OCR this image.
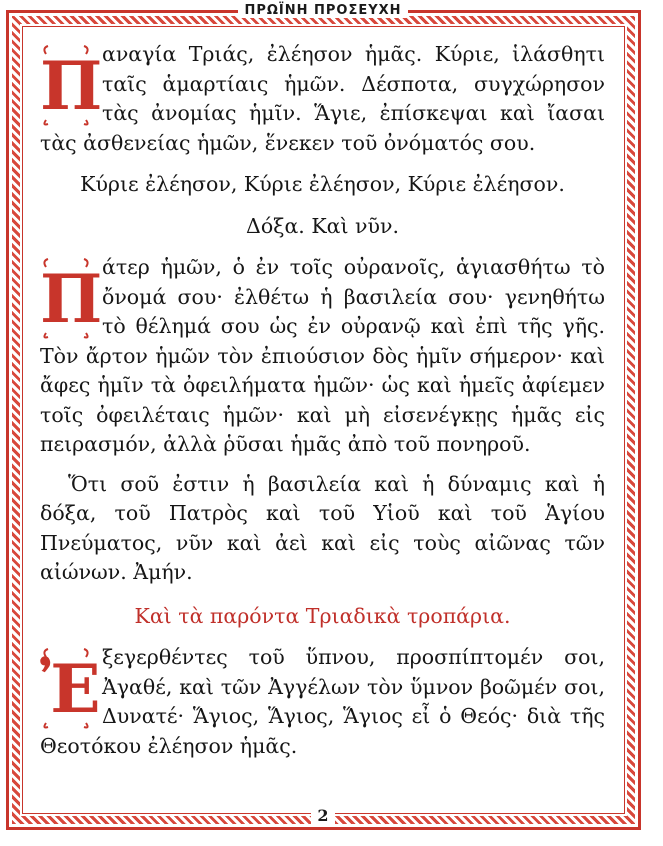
ΠΡΩΪΝΗ ΠΡΟΣΕΥΧΗ

Π αναγία Τριάς, ἐλέησον ἡμᾶς. Κύριε, ἱλάσθητι ταῖς ἁμαρτίαις ἡμῶν. Δέσποτα, συγχώρησον τὰς ἀνομίας ἡμῖν. Ἅγιε, ἐπίσκεψαι καὶ ἴασαι τὰς ἀσθενείας ἡμῶν, ἕνεκεν τοῦ ὀνόματός σου.

Κύριε ἐλέησον, Κύριε ἐλέησον, Κύριε ἐλέησον.

Δόξα. Καὶ νῦν.

Π άτερ ἡμῶν, ὁ ἐν τοῖς οὐρανοῖς, ἁγιασθήτω τὸ ὄνομά σου· ἐλθέτω ἡ βασιλεία σου· γενηθήτω τὸ θέλημά σου ὡς ἐν οὐρανῷ καὶ ἐπὶ τῆς γῆς. Τὸν ἄρτον ἡμῶν τὸν ἐπιούσιον δὸς ἡμῖν σήμερον· καὶ ἄφες ἡμῖν τὰ ὀφειλήματα ἡμῶν· ὡς καὶ ἡμεῖς ἀφίεμεν τοῖς ὀφειλέταις ἡμῶν· καὶ μὴ εἰσενέγκῃς ἡμᾶς εἰς πειρασμόν, ἀλλὰ ῥῦσαι ἡμᾶς ἀπὸ τοῦ πονηροῦ.

Ὅτι σοῦ ἐστιν ἡ βασιλεία καὶ ἡ δύναμις καὶ ἡ δόξα, τοῦ Πατρὸς καὶ τοῦ Υἱοῦ καὶ τοῦ Ἁγίου Πνεύματος, νῦν καὶ ἀεὶ καὶ εἰς τοὺς αἰῶνας τῶν αἰώνων. Ἀμήν.

Καὶ τὰ παρόντα Τριαδικὰ τροπάρια.

Ἐ ξεγερθέντες τοῦ ὕπνου, προσπίπτομέν σοι, Ἀγαθέ, καὶ τῶν Ἀγγέλων τὸν ὕμνον βοῶμέν σοι, Δυνατέ· Ἅγιος, Ἅγιος, Ἅγιος εἶ ὁ Θεός· διὰ τῆς Θεοτόκου ἐλέησον ἡμᾶς.

2
